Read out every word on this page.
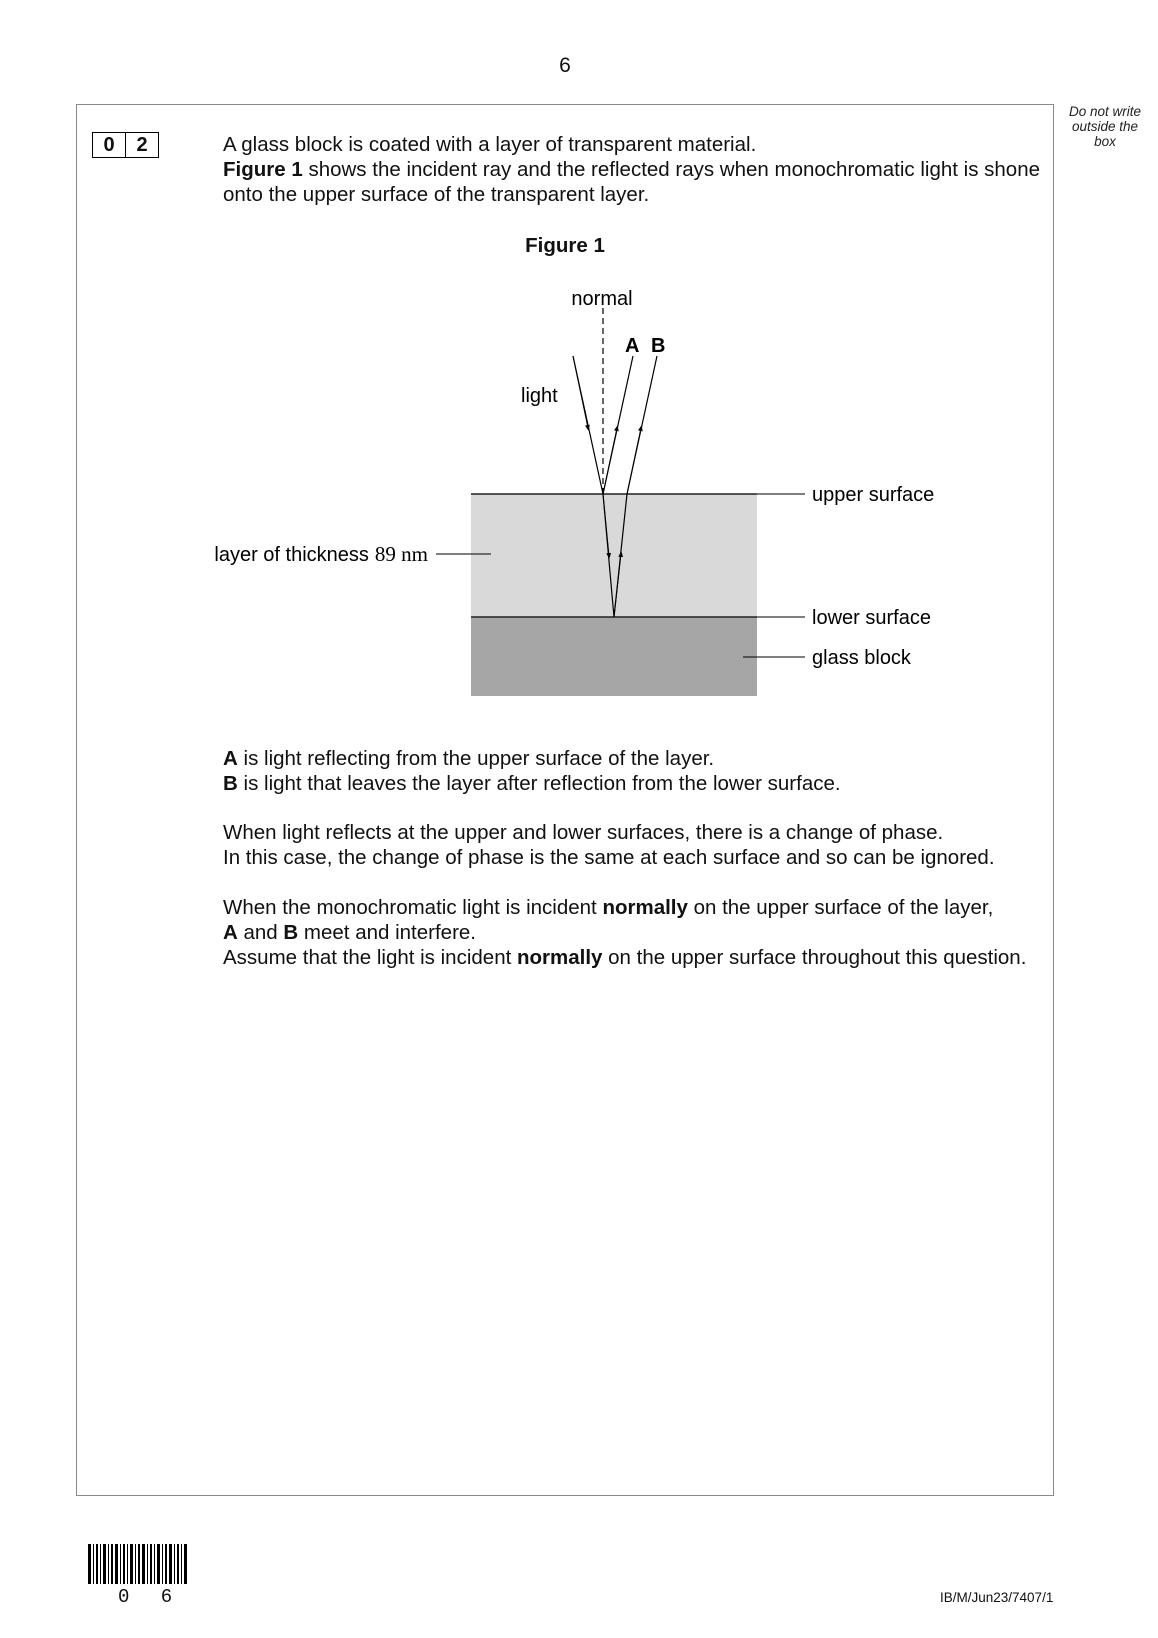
6
Do not write outside the box
0	2	A glass block is coated with a layer of transparent material.

Figure 1 shows the incident ray and the reflected rays when monochromatic light is shone onto the upper surface of the transparent layer.

Figure 1
normal
A B
light
upper surface
lower surface
glass block
layer of thickness 89 nm

A is light reflecting from the upper surface of the layer.

B is light that leaves the layer after reflection from the lower surface.

When light reflects at the upper and lower surfaces, there is a change of phase.

In this case, the change of phase is the same at each surface and so can be ignored.

When the monochromatic light is incident normally on the upper surface of the layer,

A and B meet and interfere.

Assume that the light is incident normally on the upper surface throughout this question.

0 6	IB/M/Jun23/7407/1
